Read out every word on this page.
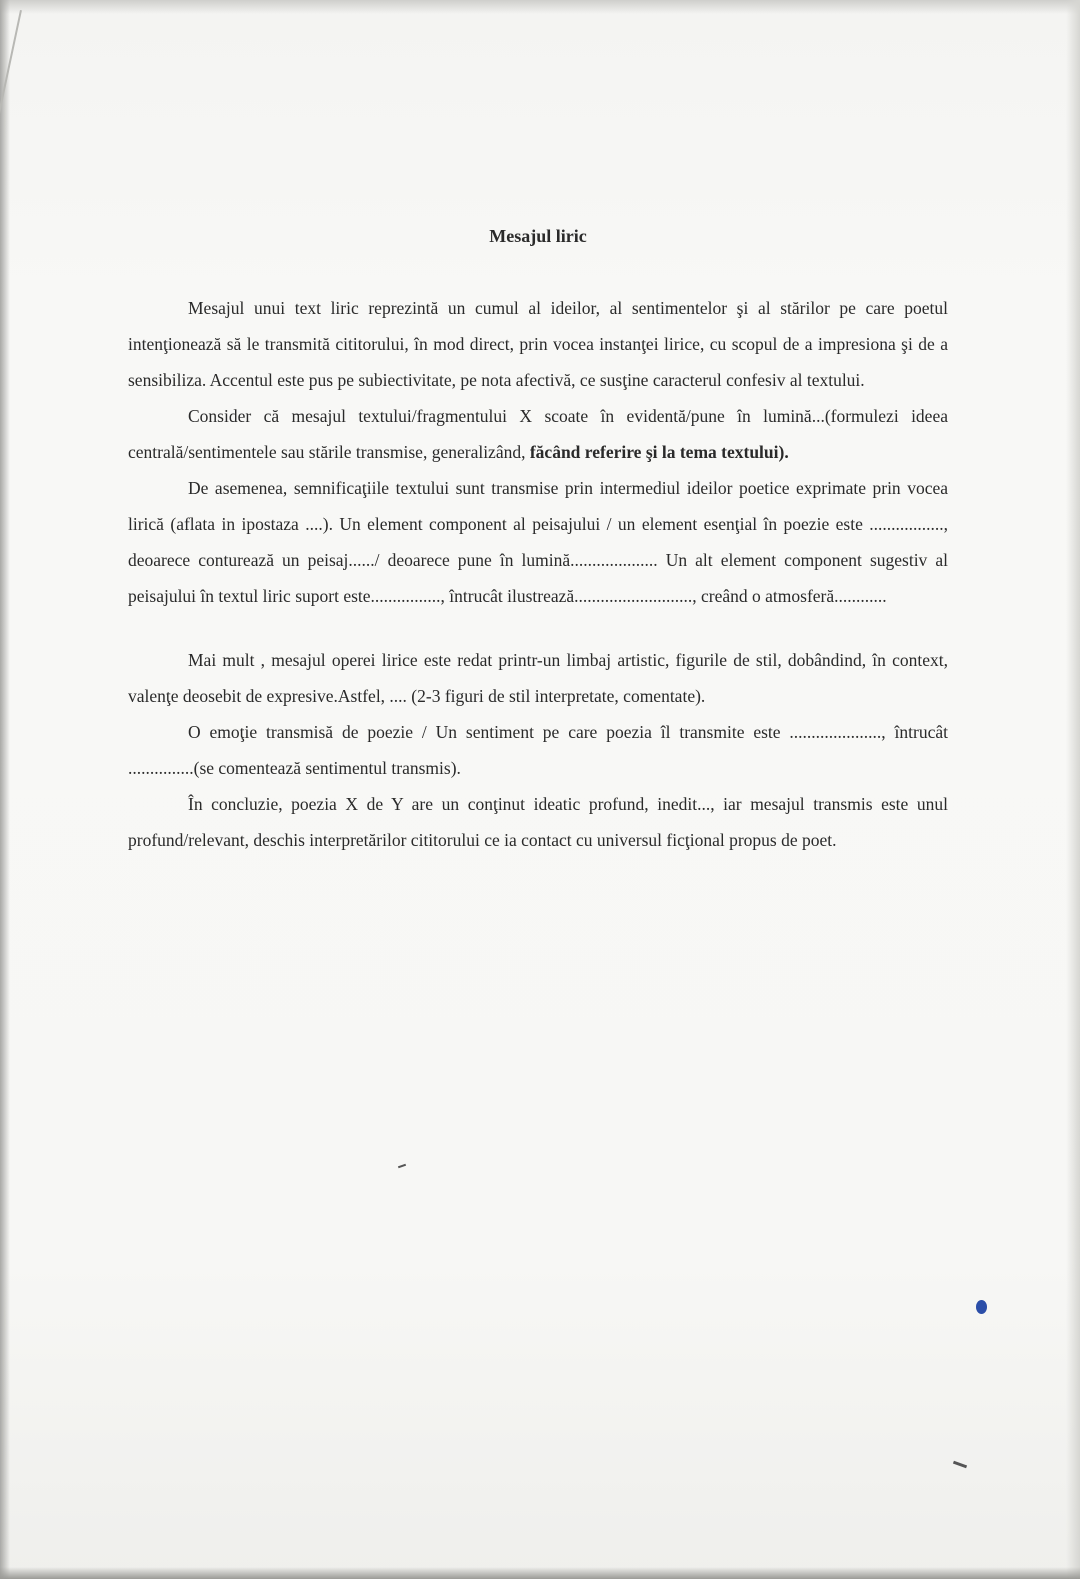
Mesajul liric

Mesajul unui text liric reprezintă un cumul al ideilor, al sentimentelor şi al stărilor pe care poetul intenţionează să le transmită cititorului, în mod direct, prin vocea instanţei lirice, cu scopul de a impresiona şi de a sensibiliza. Accentul este pus pe subiectivitate, pe nota afectivă, ce susţine caracterul confesiv al textului.

Consider că mesajul textului/fragmentului X scoate în evidentă/pune în lumină...(formulezi ideea centrală/sentimentele sau stările transmise, generalizând, făcând referire şi la tema textului).

De asemenea, semnificaţiile textului sunt transmise prin intermediul ideilor poetice exprimate prin vocea lirică (aflata in ipostaza ....). Un element component al peisajului / un element esenţial în poezie este ................., deoarece conturează un peisaj....../ deoarece pune în lumină.................... Un alt element component sugestiv al peisajului în textul liric suport este................, întrucât ilustrează..........................., creând o atmosferă............

Mai mult , mesajul operei lirice este redat printr-un limbaj artistic, figurile de stil, dobândind, în context, valenţe deosebit de expresive.Astfel, .... (2-3 figuri de stil interpretate, comentate).

O emoţie transmisă de poezie / Un sentiment pe care poezia îl transmite este ....................., întrucât ...............(se comentează sentimentul transmis).

În concluzie, poezia X de Y are un conţinut ideatic profund, inedit..., iar mesajul transmis este unul profund/relevant, deschis interpretărilor cititorului ce ia contact cu universul ficţional propus de poet.
